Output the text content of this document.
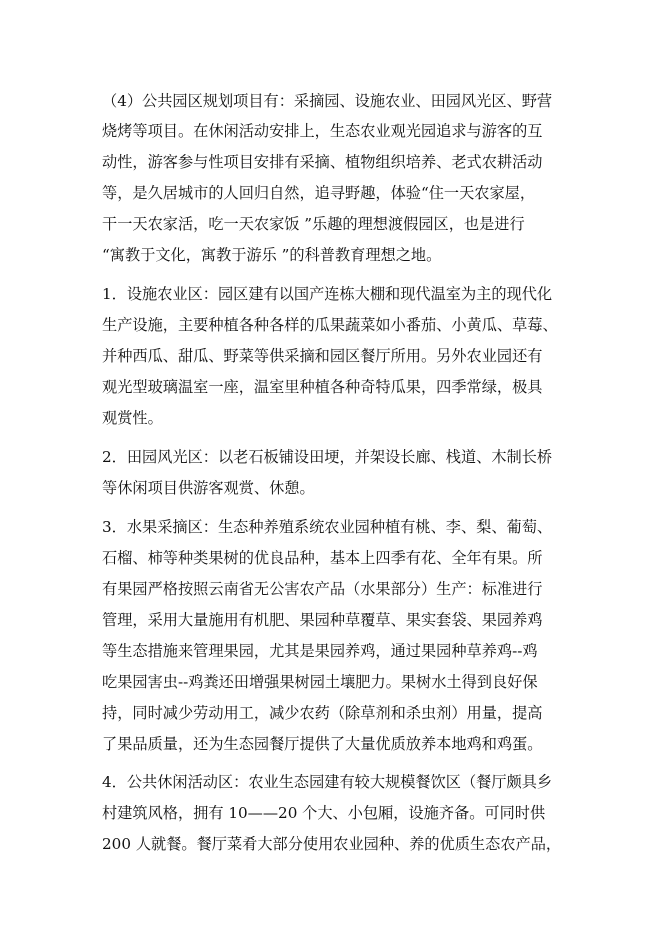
（4）公共园区规划项目有：采摘园、设施农业、田园风光区、野营
烧烤等项目。在休闲活动安排上，生态农业观光园追求与游客的互
动性，游客参与性项目安排有采摘、植物组织培养、老式农耕活动
等，是久居城市的人回归自然，追寻野趣，体验“住一天农家屋，
干一天农家活，吃一天农家饭 ”乐趣的理想渡假园区，也是进行
“寓教于文化，寓教于游乐 ”的科普教育理想之地。
1．设施农业区：园区建有以国产连栋大棚和现代温室为主的现代化
生产设施，主要种植各种各样的瓜果蔬菜如小番茄、小黄瓜、草莓、
并种西瓜、甜瓜、野菜等供采摘和园区餐厅所用。另外农业园还有
观光型玻璃温室一座，温室里种植各种奇特瓜果，四季常绿，极具
观赏性。
2．田园风光区：以老石板铺设田埂，并架设长廊、栈道、木制长桥
等休闲项目供游客观赏、休憩。
3．水果采摘区：生态种养殖系统农业园种植有桃、李、梨、葡萄、
石榴、柿等种类果树的优良品种，基本上四季有花、全年有果。所
有果园严格按照云南省无公害农产品（水果部分）生产：标准进行
管理，采用大量施用有机肥、果园种草覆草、果实套袋、果园养鸡
等生态措施来管理果园，尤其是果园养鸡，通过果园种草养鸡--鸡
吃果园害虫--鸡粪还田增强果树园土壤肥力。果树水土得到良好保
持，同时减少劳动用工，减少农药（除草剂和杀虫剂）用量，提高
了果品质量，还为生态园餐厅提供了大量优质放养本地鸡和鸡蛋。
4．公共休闲活动区：农业生态园建有较大规模餐饮区（餐厅颇具乡
村建筑风格，拥有 10——20 个大、小包厢，设施齐备。可同时供
200 人就餐。餐厅菜肴大部分使用农业园种、养的优质生态农产品，
